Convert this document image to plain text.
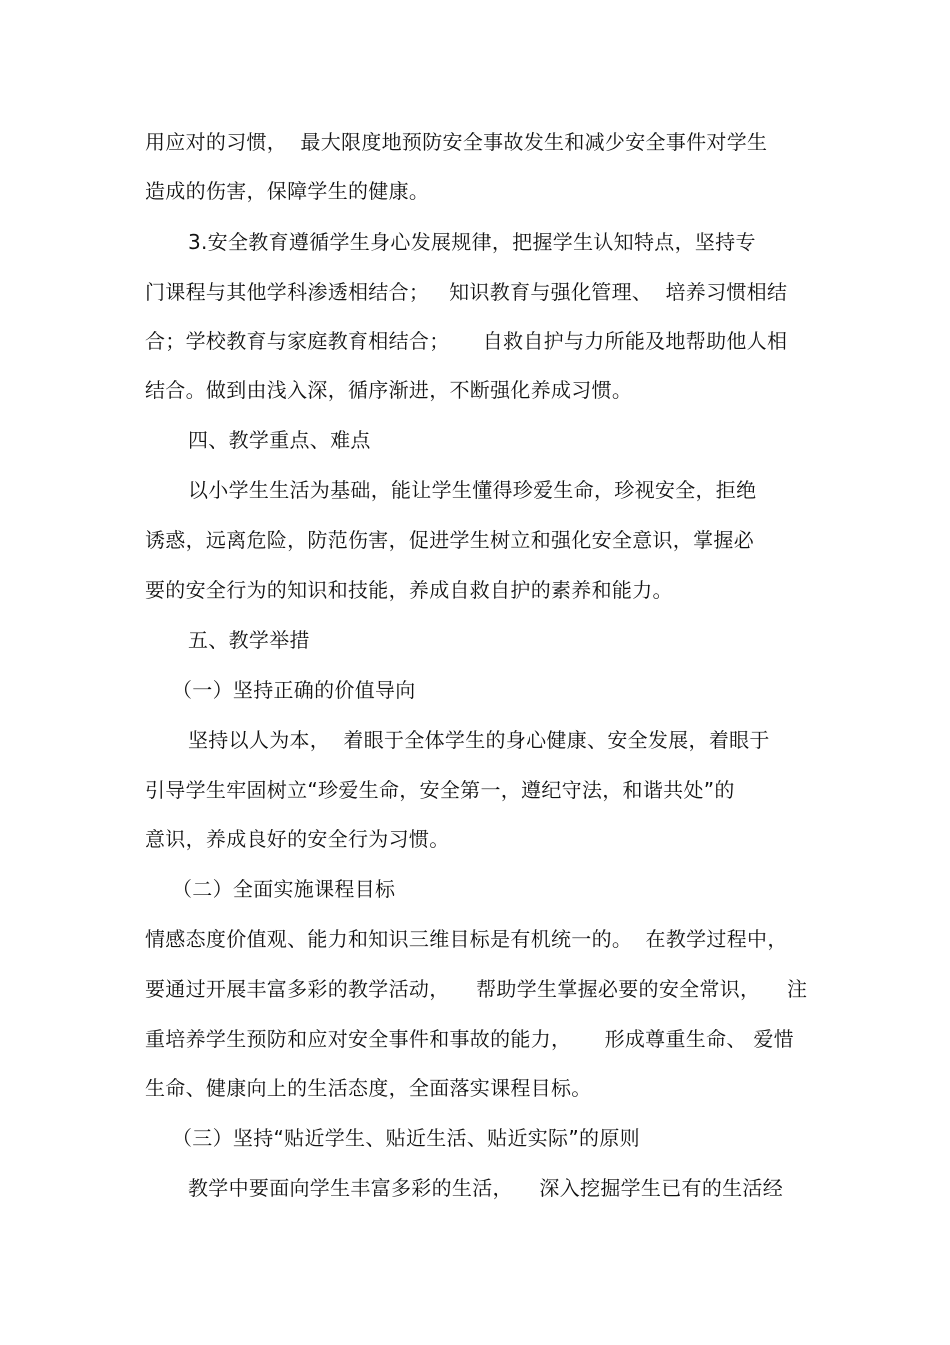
用应对的习惯，  最大限度地预防安全事故发生和减少安全事件对学生
造成的伤害，保障学生的健康。
3.安全教育遵循学生身心发展规律，把握学生认知特点，坚持专
门课程与其他学科渗透相结合；   知识教育与强化管理、  培养习惯相结
合；学校教育与家庭教育相结合；     自救自护与力所能及地帮助他人相
结合。做到由浅入深，循序渐进，不断强化养成习惯。
四、教学重点、难点
以小学生生活为基础，能让学生懂得珍爱生命，珍视安全，拒绝
诱惑，远离危险，防范伤害，促进学生树立和强化安全意识，掌握必
要的安全行为的知识和技能，养成自救自护的素养和能力。
五、教学举措
（一）坚持正确的价值导向
坚持以人为本，  着眼于全体学生的身心健康、安全发展，着眼于
引导学生牢固树立“珍爱生命，安全第一，遵纪守法，和谐共处”的
意识，养成良好的安全行为习惯。
（二）全面实施课程目标
情感态度价值观、能力和知识三维目标是有机统一的。  在教学过程中，
要通过开展丰富多彩的教学活动，    帮助学生掌握必要的安全常识，    注
重培养学生预防和应对安全事件和事故的能力，     形成尊重生命、 爱惜
生命、健康向上的生活态度，全面落实课程目标。
（三）坚持“贴近学生、贴近生活、贴近实际”的原则
教学中要面向学生丰富多彩的生活，    深入挖掘学生已有的生活经
